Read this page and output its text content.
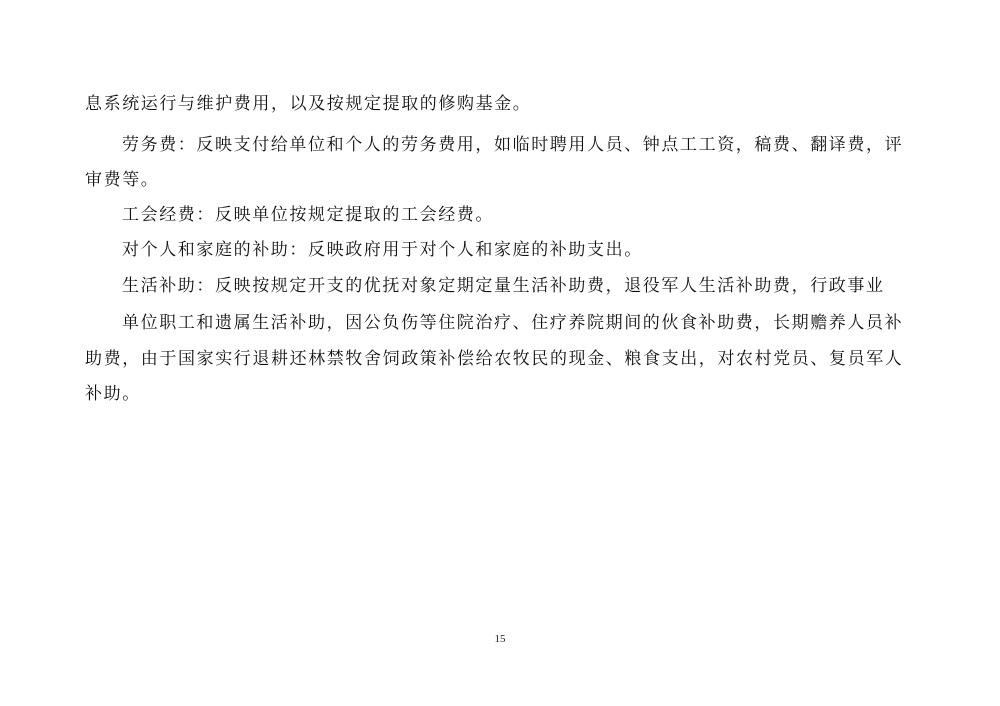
息系统运行与维护费用，以及按规定提取的修购基金。
劳务费：反映支付给单位和个人的劳务费用，如临时聘用人员、钟点工工资，稿费、翻译费，评
审费等。
工会经费：反映单位按规定提取的工会经费。
对个人和家庭的补助：反映政府用于对个人和家庭的补助支出。
生活补助：反映按规定开支的优抚对象定期定量生活补助费，退役军人生活补助费，行政事业
单位职工和遗属生活补助，因公负伤等住院治疗、住疗养院期间的伙食补助费，长期赡养人员补
助费，由于国家实行退耕还林禁牧舍饲政策补偿给农牧民的现金、粮食支出，对农村党员、复员军人
补助。
15
